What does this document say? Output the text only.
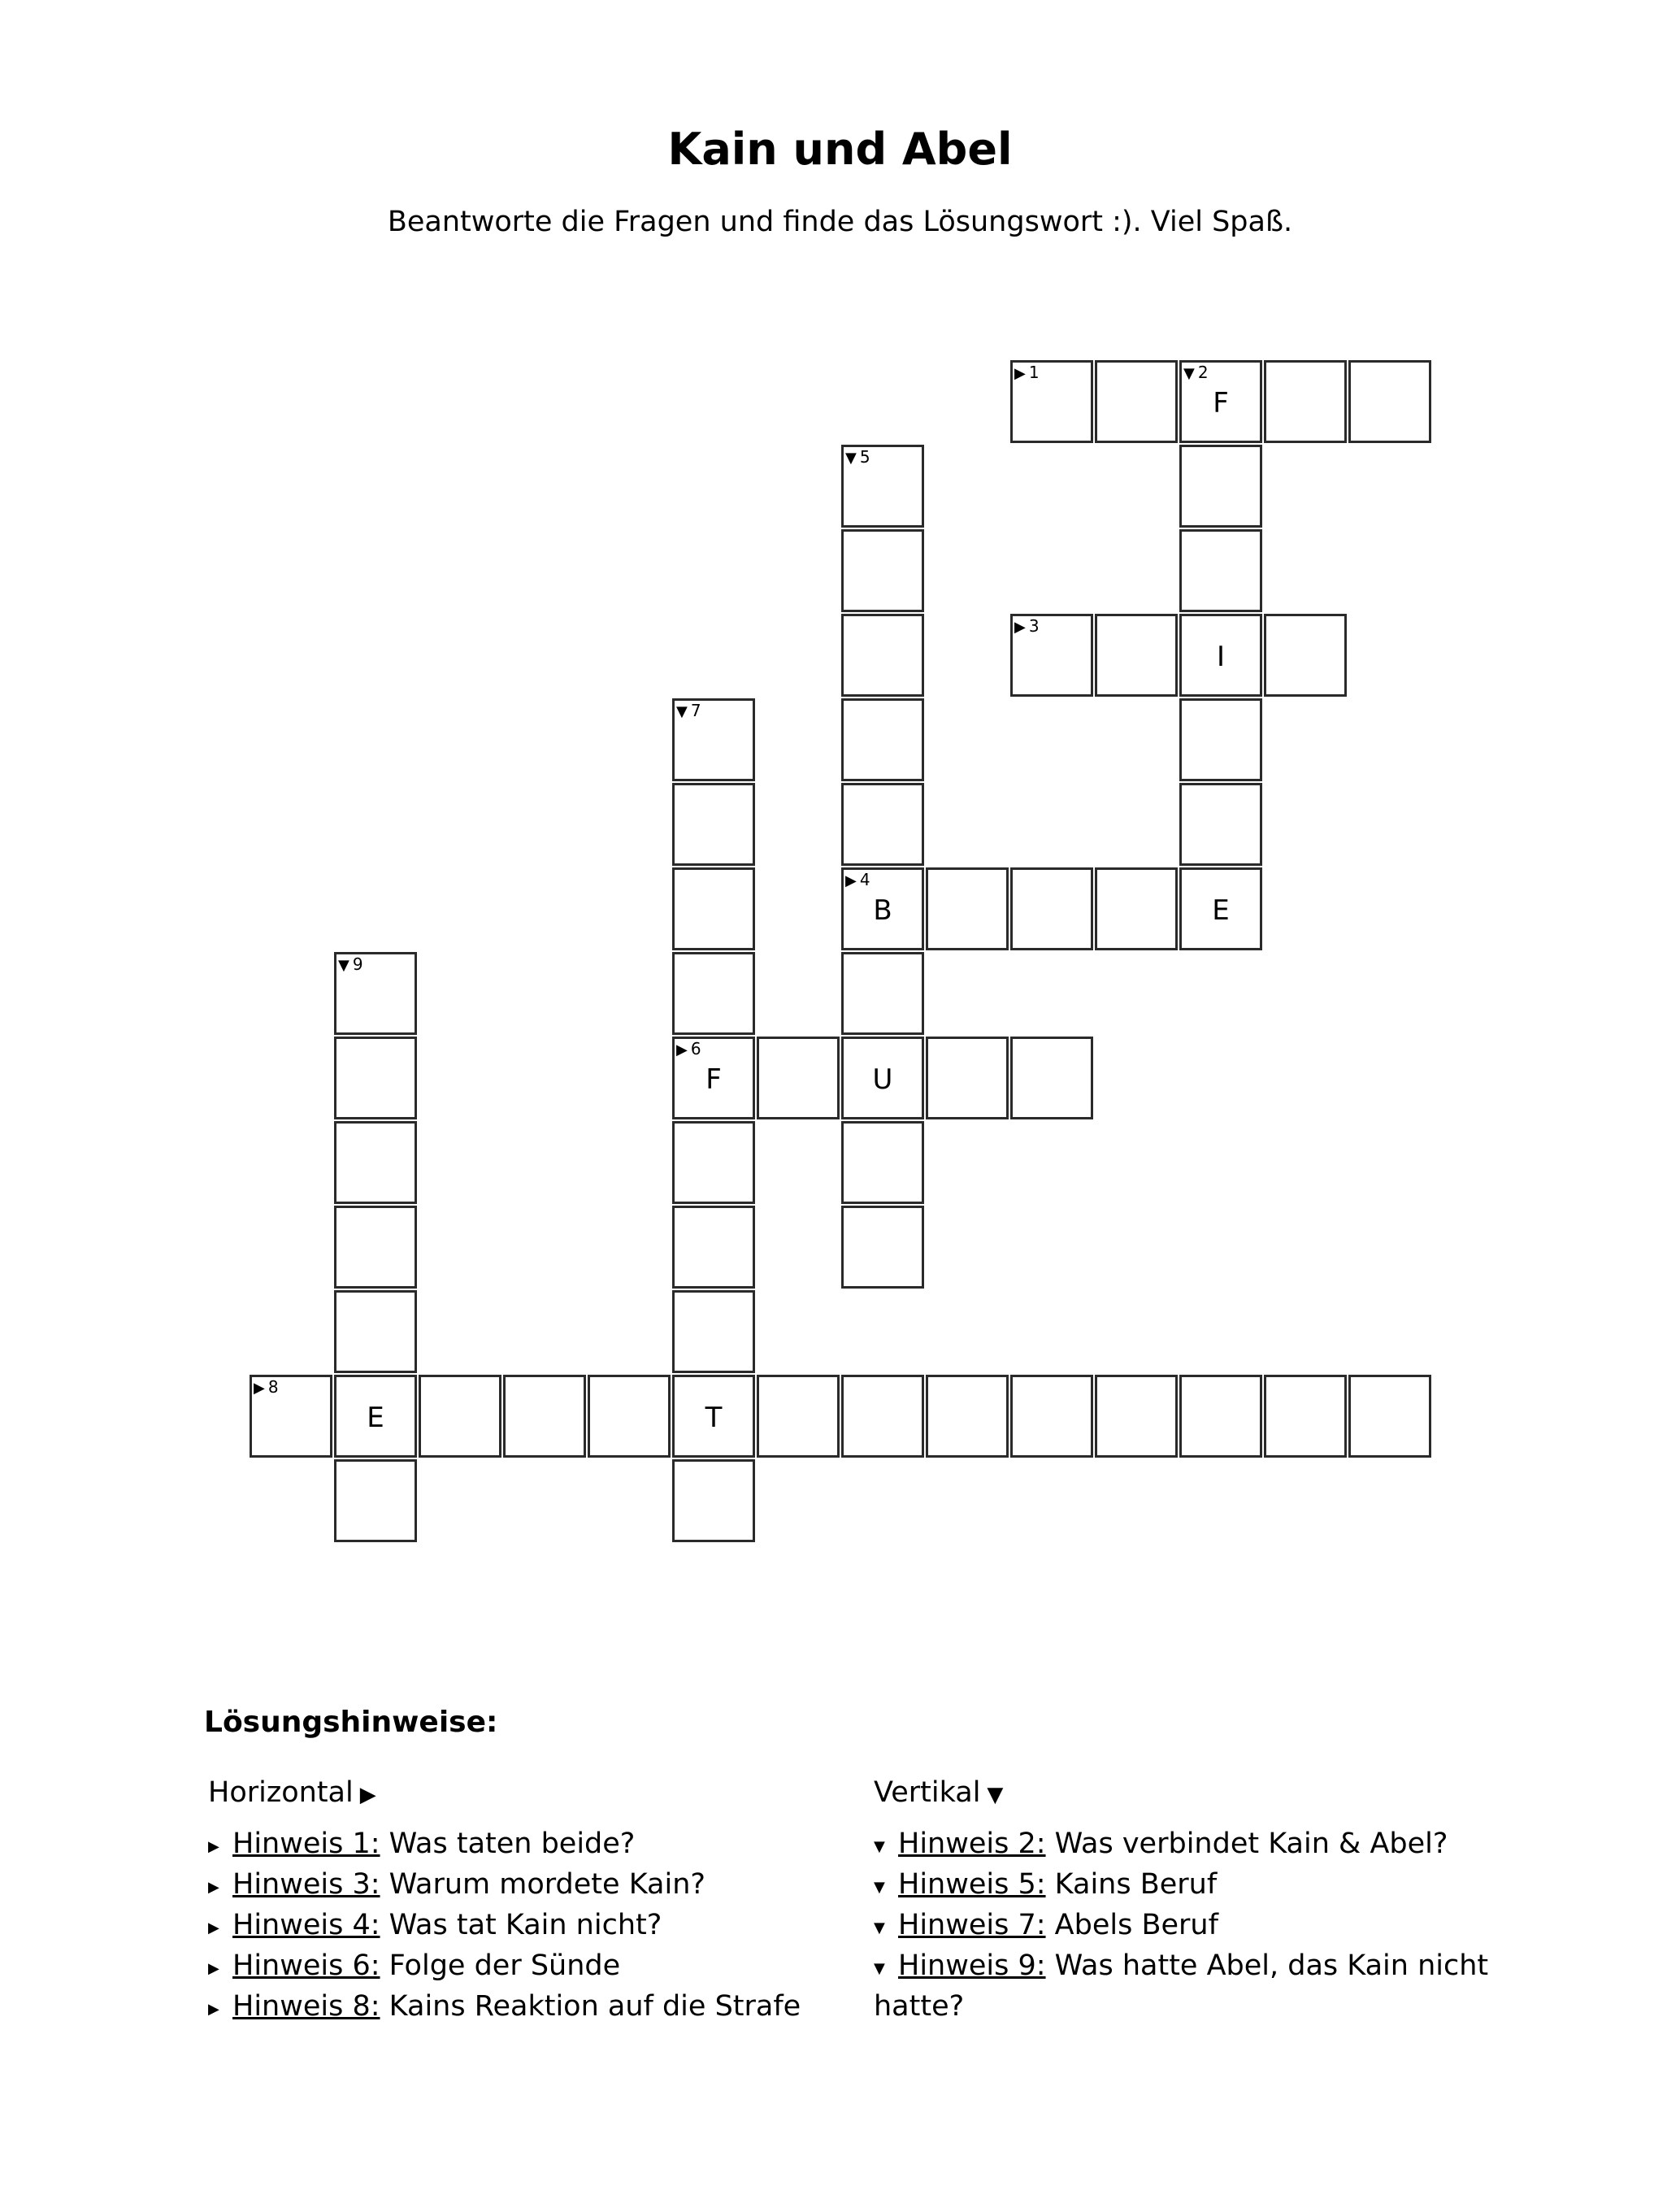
Kain und Abel
Beantworte die Fragen und finde das Lösungswort :). Viel Spaß.
▶ 1	▼ 2
F
I
E
▼ 5
▶ 4
B
U
▶ 3
▼ 7
▶ 6
F
T
▼ 9
E
▶ 8
Lösungshinweise:
Horizontal ▶
▶ Hinweis 1: Was taten beide?
▶ Hinweis 3: Warum mordete Kain?
▶ Hinweis 4: Was tat Kain nicht?
▶ Hinweis 6: Folge der Sünde
▶ Hinweis 8: Kains Reaktion auf die Strafe
Vertikal ▼
▼ Hinweis 2: Was verbindet Kain & Abel?
▼ Hinweis 5: Kains Beruf
▼ Hinweis 7: Abels Beruf
▼ Hinweis 9: Was hatte Abel, das Kain nicht hatte?
